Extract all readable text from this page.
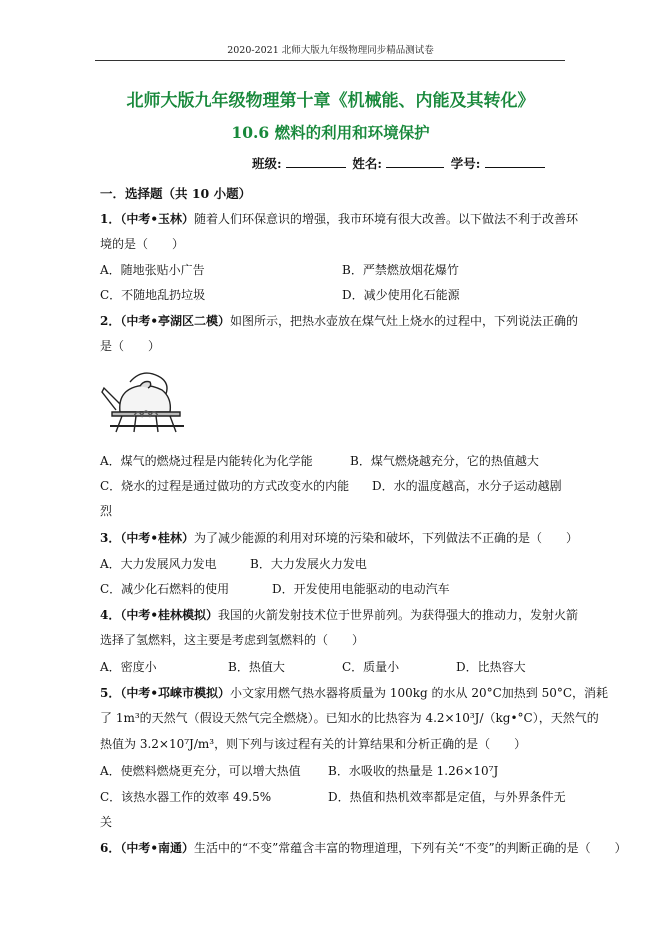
2020-2021 北师大版九年级物理同步精品测试卷
北师大版九年级物理第十章《机械能、内能及其转化》
10.6 燃料的利用和环境保护
班级:	姓名:	学号:
一．选择题（共 10 小题）
1．（中考•玉林）随着人们环保意识的增强，我市环境有很大改善。以下做法不利于改善环
境的是（　　）
A．随地张贴小广告	B．严禁燃放烟花爆竹
C．不随地乱扔垃圾	D．减少使用化石能源
2．（中考•亭湖区二模）如图所示，把热水壶放在煤气灶上烧水的过程中，下列说法正确的
是（　　）
A．煤气的燃烧过程是内能转化为化学能	B．煤气燃烧越充分，它的热值越大
C．烧水的过程是通过做功的方式改变水的内能 D．水的温度越高，水分子运动越剧
烈
3．（中考•桂林）为了减少能源的利用对环境的污染和破坏，下列做法不正确的是（　　）
A．大力发展风力发电	B．大力发展火力发电
C．减少化石燃料的使用	D．开发使用电能驱动的电动汽车
4．（中考•桂林模拟）我国的火箭发射技术位于世界前列。为获得强大的推动力，发射火箭
选择了氢燃料，这主要是考虑到氢燃料的（　　）
A．密度小	B．热值大	C．质量小	D．比热容大
5．（中考•邛崃市模拟）小文家用燃气热水器将质量为 100kg 的水从 20°C加热到 50°C，消耗
了 1m³的天然气（假设天然气完全燃烧）。已知水的比热容为 4.2×10³J/（kg•°C），天然气的
热值为 3.2×10⁷J/m³，则下列与该过程有关的计算结果和分析正确的是（　　）
A．使燃料燃烧更充分，可以增大热值 B．水吸收的热量是 1.26×10⁷J
C．该热水器工作的效率 49.5%	D．热值和热机效率都是定值，与外界条件无
关
6．（中考•南通）生活中的“不变”常蕴含丰富的物理道理，下列有关“不变”的判断正确的是（　　）
